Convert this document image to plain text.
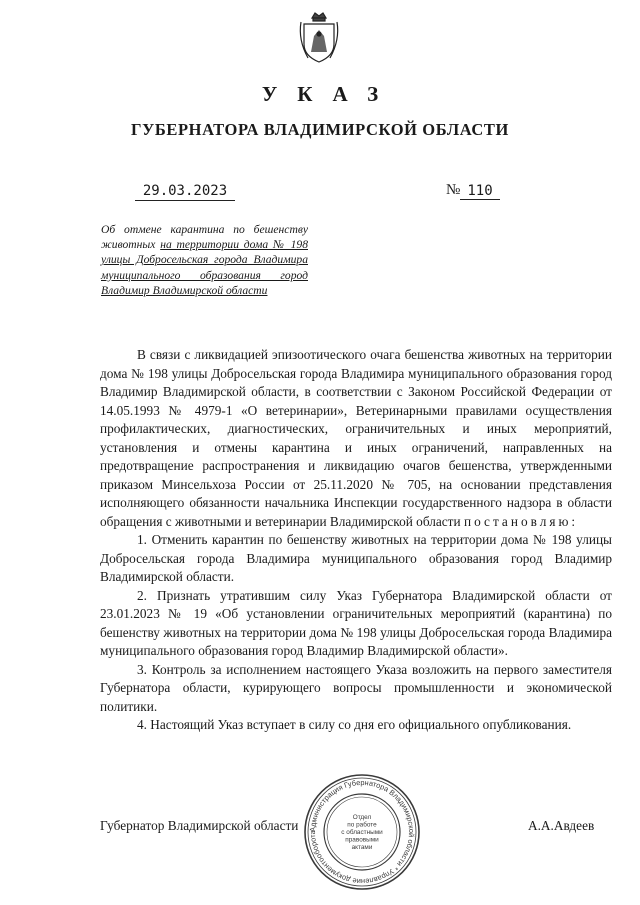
УКАЗ
ГУБЕРНАТОРА ВЛАДИМИРСКОЙ ОБЛАСТИ
29.03.2023	№ 110
Об отмене карантина по бешенству животных на территории дома № 198 улицы Добросельская города Владимира муниципального образования город Владимир Владимирской области

В связи с ликвидацией эпизоотического очага бешенства животных на территории дома № 198 улицы Добросельская города Владимира муниципального образования город Владимир Владимирской области, в соответствии с Законом Российской Федерации от 14.05.1993 № 4979-1 «О ветеринарии», Ветеринарными правилами осуществления профилактических, диагностических, ограничительных и иных мероприятий, установления и отмены карантина и иных ограничений, направленных на предотвращение распространения и ликвидацию очагов бешенства, утвержденными приказом Минсельхоза России от 25.11.2020 № 705, на основании представления исполняющего обязанности начальника Инспекции государственного надзора в области обращения с животными и ветеринарии Владимирской области постановляю:

1. Отменить карантин по бешенству животных на территории дома № 198 улицы Добросельская города Владимира муниципального образования город Владимир Владимирской области.

2. Признать утратившим силу Указ Губернатора Владимирской области от 23.01.2023 № 19 «Об установлении ограничительных мероприятий (карантина) по бешенству животных на территории дома № 198 улицы Добросельская города Владимира муниципального образования город Владимир Владимирской области».

3. Контроль за исполнением настоящего Указа возложить на первого заместителя Губернатора области, курирующего вопросы промышленности и экономической политики.

4. Настоящий Указ вступает в силу со дня его официального опубликования.

Губернатор Владимирской области	А.А.Авдеев
Администрация Губернатора Владимирской области * Управление документооборота
Отдел
по работе
с областными
правовыми
актами
